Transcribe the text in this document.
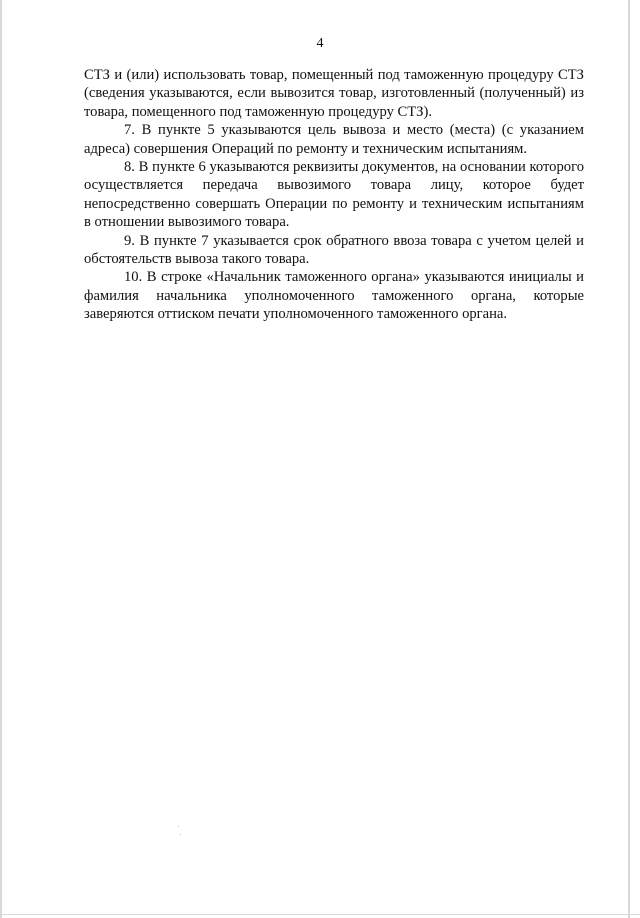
4

СТЗ и (или) использовать товар, помещенный под таможенную процедуру СТЗ (сведения указываются, если вывозится товар, изготовленный (полученный) из товара, помещенного под таможенную процедуру СТЗ).

7. В пункте 5 указываются цель вывоза и место (места) (с указанием адреса) совершения Операций по ремонту и техническим испытаниям.

8. В пункте 6 указываются реквизиты документов, на основании которого осуществляется передача вывозимого товара лицу, которое будет непосредственно совершать Операции по ремонту и техническим испытаниям в отношении вывозимого товара.

9. В пункте 7 указывается срок обратного ввоза товара с учетом целей и обстоятельств вывоза такого товара.

10. В строке «Начальник таможенного органа» указываются инициалы и фамилия начальника уполномоченного таможенного органа, которые заверяются оттиском печати уполномоченного таможенного органа.
